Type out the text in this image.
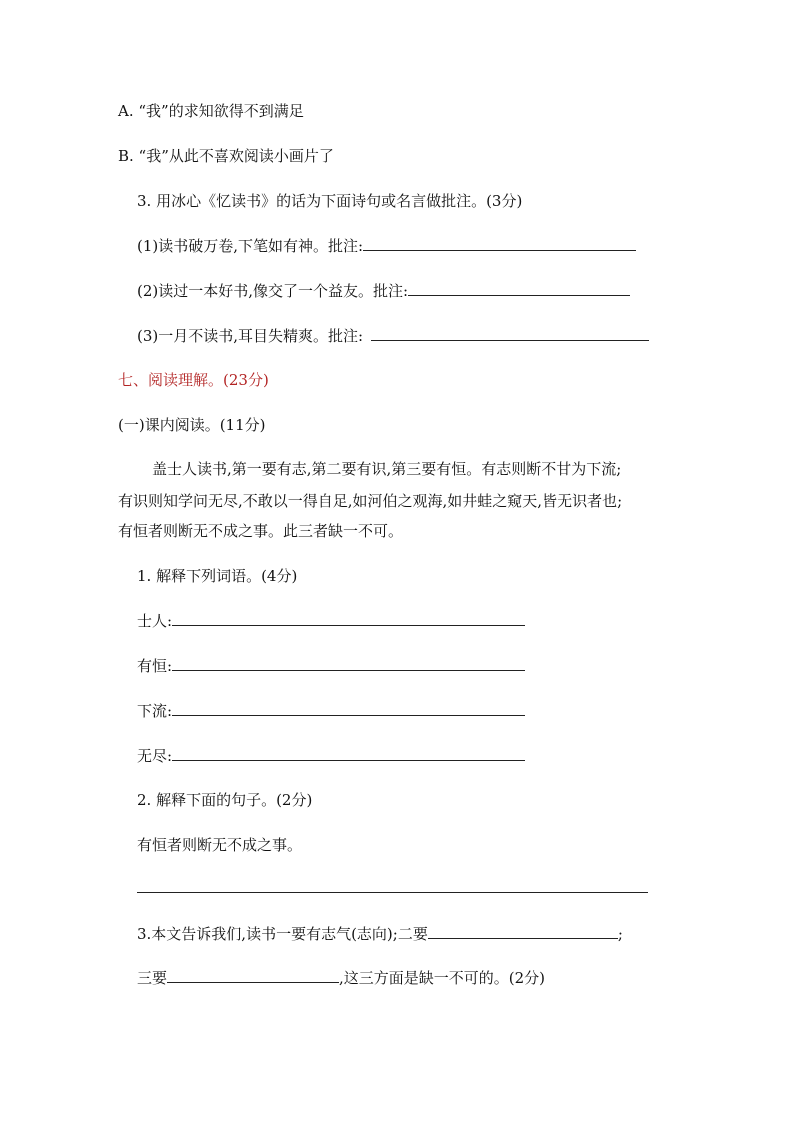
A. “我”的求知欲得不到满足
B. “我”从此不喜欢阅读小画片了
3. 用冰心《忆读书》的话为下面诗句或名言做批注。(3分)
(1)读书破万卷,下笔如有神。批注:
(2)读过一本好书,像交了一个益友。批注:
(3)一月不读书,耳目失精爽。批注:
七、阅读理解。(23分)
(一)课内阅读。(11分)
盖士人读书,第一要有志,第二要有识,第三要有恒。有志则断不甘为下流;
有识则知学问无尽,不敢以一得自足,如河伯之观海,如井蛙之窥天,皆无识者也;
有恒者则断无不成之事。此三者缺一不可。
1. 解释下列词语。(4分)
士人:
有恒:
下流:
无尽:
2. 解释下面的句子。(2分)
有恒者则断无不成之事。
3.本文告诉我们,读书一要有志气(志向);二要	;
三要	,这三方面是缺一不可的。(2分)
